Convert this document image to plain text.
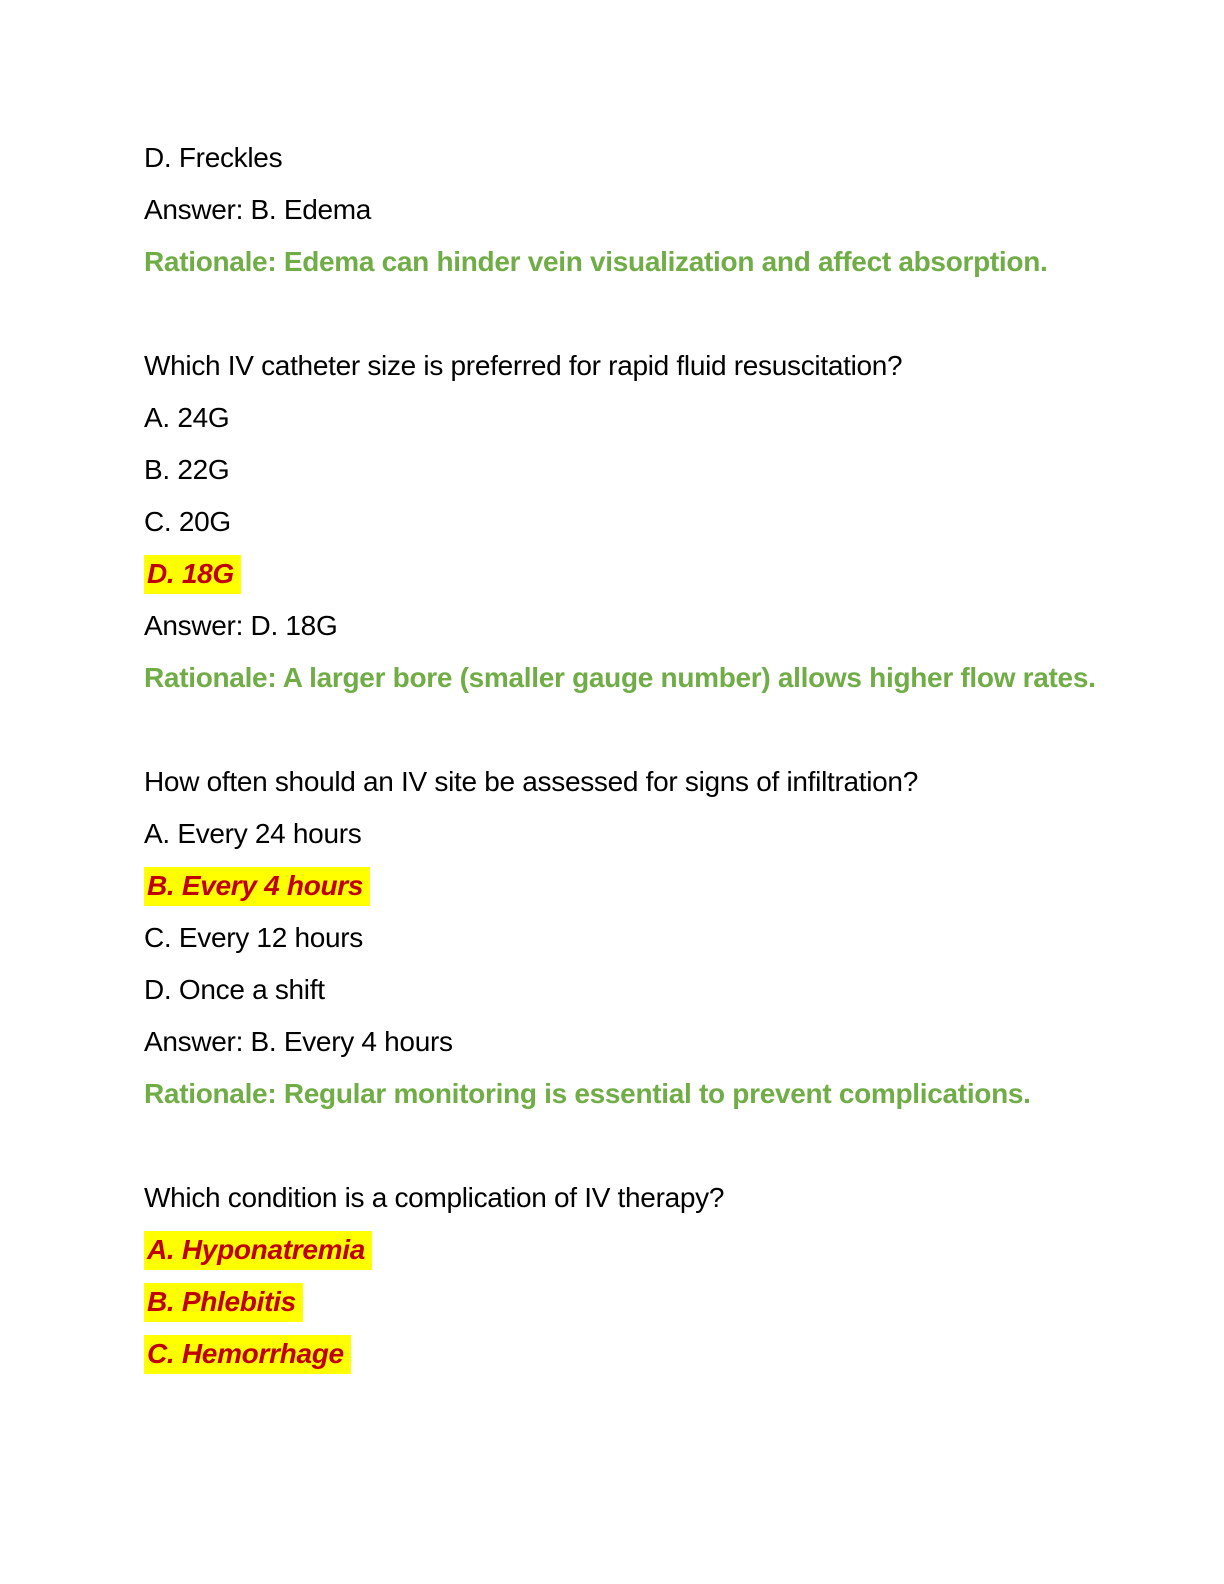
D. Freckles

Answer: B. Edema

Rationale: Edema can hinder vein visualization and affect absorption.

Which IV catheter size is preferred for rapid fluid resuscitation?

A. 24G

B. 22G

C. 20G

D. 18G

Answer: D. 18G

Rationale: A larger bore (smaller gauge number) allows higher flow rates.

How often should an IV site be assessed for signs of infiltration?

A. Every 24 hours

B. Every 4 hours

C. Every 12 hours

D. Once a shift

Answer: B. Every 4 hours

Rationale: Regular monitoring is essential to prevent complications.

Which condition is a complication of IV therapy?

A. Hyponatremia

B. Phlebitis

C. Hemorrhage
